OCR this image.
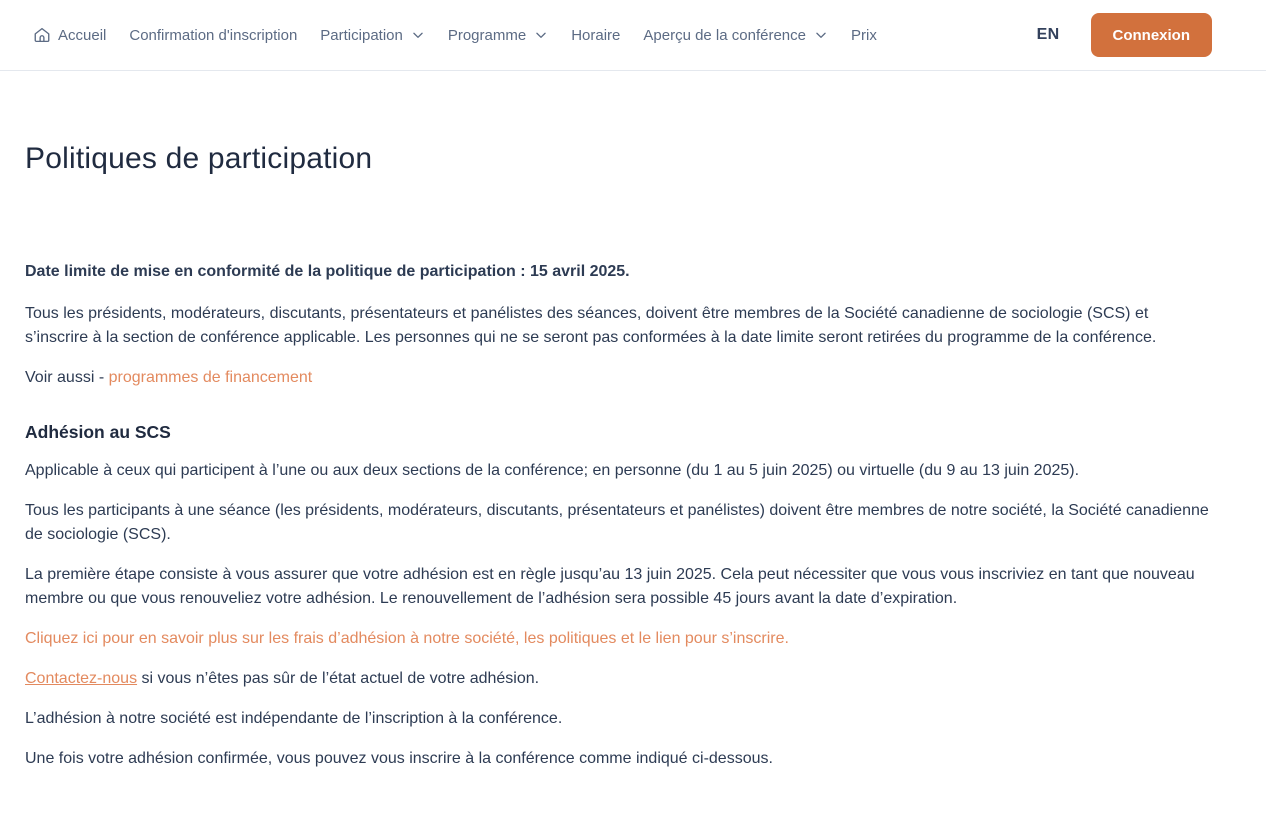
Accueil Confirmation d'inscription Participation	Programme	Horaire Aperçu de la conférence	Prix	EN	Connexion
Politiques de participation

Date limite de mise en conformité de la politique de participation : 15 avril 2025.

Tous les présidents, modérateurs, discutants, présentateurs et panélistes des séances, doivent être membres de la Société canadienne de sociologie (SCS) et s’inscrire à la section de conférence applicable. Les personnes qui ne se seront pas conformées à la date limite seront retirées du programme de la conférence.

Voir aussi - programmes de financement

Adhésion au SCS

Applicable à ceux qui participent à l’une ou aux deux sections de la conférence; en personne (du 1 au 5 juin 2025) ou virtuelle (du 9 au 13 juin 2025).

Tous les participants à une séance (les présidents, modérateurs, discutants, présentateurs et panélistes) doivent être membres de notre société, la Société canadienne de sociologie (SCS).

La première étape consiste à vous assurer que votre adhésion est en règle jusqu’au 13 juin 2025. Cela peut nécessiter que vous vous inscriviez en tant que nouveau membre ou que vous renouveliez votre adhésion. Le renouvellement de l’adhésion sera possible 45 jours avant la date d’expiration.

Cliquez ici pour en savoir plus sur les frais d’adhésion à notre société, les politiques et le lien pour s’inscrire.

Contactez-nous si vous n’êtes pas sûr de l’état actuel de votre adhésion.

L’adhésion à notre société est indépendante de l’inscription à la conférence.

Une fois votre adhésion confirmée, vous pouvez vous inscrire à la conférence comme indiqué ci-dessous.
